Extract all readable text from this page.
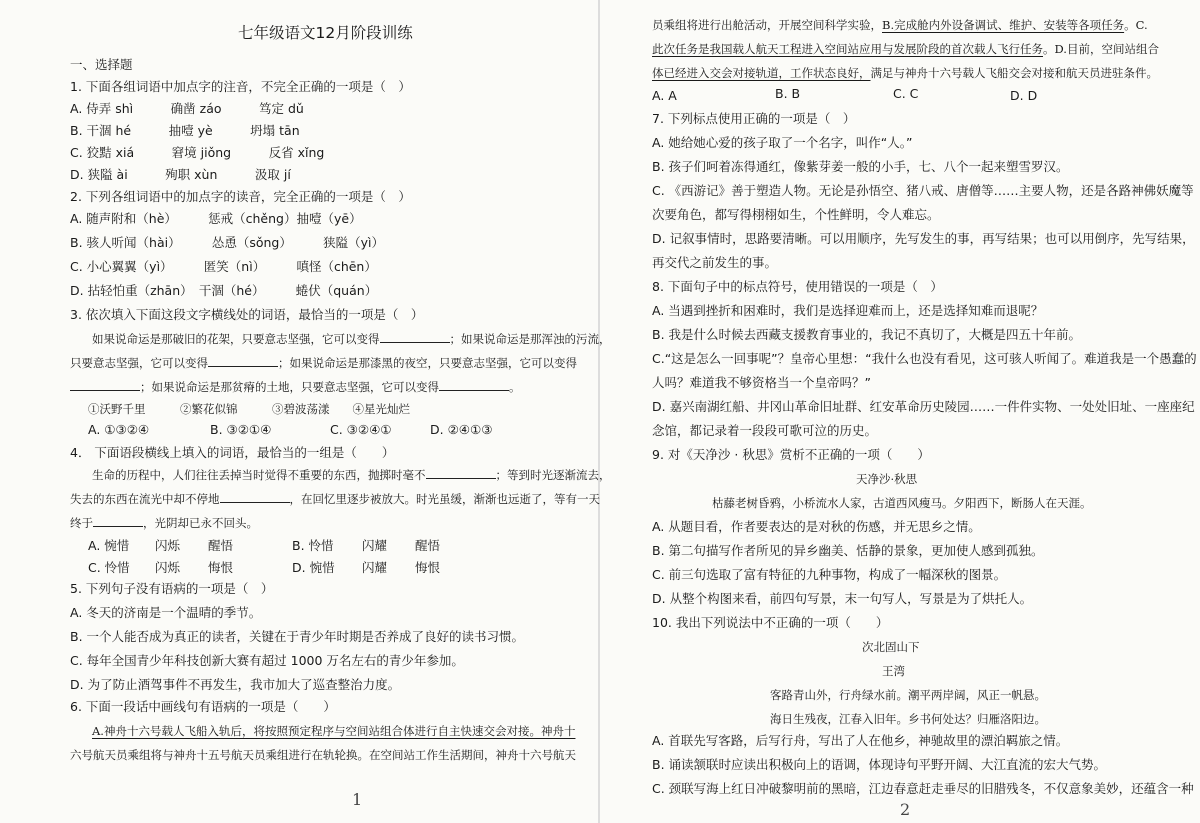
七年级语文12月阶段训练
一、选择题
1. 下面各组词语中加点字的注音，不完全正确的一项是（　）
A. 侍弄 shì　　　确凿 záo　　　笃定 dǔ
B. 干涸 hé　　　抽噎 yè　　　坍塌 tān
C. 狡黠 xiá　　　窘境 jiǒng　　　反省 xǐng
D. 狭隘 ài　　　殉职 xùn　　　汲取 jí
2. 下列各组词语中的加点字的读音，完全正确的一项是（　）
A. 随声附和（hè）　　　惩戒（chěng）抽噎（yē）
B. 骇人听闻（hài）　　　怂恿（sǒng）　　　狭隘（yì）
C. 小心翼翼（yì）　　　匿笑（nì）　　　嗔怪（chēn）
D. 拈轻怕重（zhān）　干涸（hé）　　　蜷伏（quán）
3. 依次填入下面这段文字横线处的词语，最恰当的一项是（　）
如果说命运是那破旧的花架，只要意志坚强，它可以变得	；如果说命运是那浑浊的污流，
只要意志坚强，它可以变得	；如果说命运是那漆黑的夜空，只要意志坚强，它可以变得
；如果说命运是那贫瘠的土地，只要意志坚强，它可以变得	。
①沃野千里　　　	②繁花似锦　　　	③碧波荡漾　　 ④星光灿烂
A. ①③②④	B. ③②①④	C. ③②④①	D. ②④①③
4． 下面语段横线上填入的词语，最恰当的一组是（　　）
生命的历程中，人们往往丢掉当时觉得不重要的东西，抛掷时毫不	；等到时光逐渐流去，
失去的东西在流光中却不停地	，在回忆里逐步被放大。时光虽缓，渐渐也远逝了，等有一天
终于	，光阴却已永不回头。
A. 惋惜 闪烁 醒悟	B. 怜惜 闪耀 醒悟
C. 怜惜 闪烁 悔恨	D. 惋惜 闪耀 悔恨
5. 下列句子没有语病的一项是（　）
A. 冬天的济南是一个温晴的季节。
B. 一个人能否成为真正的读者，关键在于青少年时期是否养成了良好的读书习惯。
C. 每年全国青少年科技创新大赛有超过 1000 万名左右的青少年参加。
D. 为了防止酒驾事件不再发生，我市加大了巡查整治力度。
6. 下面一段话中画线句有语病的一项是（　　）
A.神舟十六号载人飞船入轨后，将按照预定程序与空间站组合体进行自主快速交会对接。神舟十
六号航天员乘组将与神舟十五号航天员乘组进行在轨轮换。在空间站工作生活期间，神舟十六号航天
1
员乘组将进行出舱活动，开展空间科学实验，B.完成舱内外设备调试、维护、安装等各项任务。C.
此次任务是我国载人航天工程进入空间站应用与发展阶段的首次载人飞行任务。D.目前，空间站组合
体已经进入交会对接轨道，工作状态良好，满足与神舟十六号载人飞船交会对接和航天员进驻条件。
A. A	B. B	C. C	D. D
7. 下列标点使用正确的一项是（　）
A. 她给她心爱的孩子取了一个名字，叫作“人。”
B. 孩子们呵着冻得通红，像紫芽姜一般的小手，七、八个一起来塑雪罗汉。
C. 《西游记》善于塑造人物。无论是孙悟空、猪八戒、唐僧等……主要人物，还是各路神佛妖魔等
次要角色，都写得栩栩如生，个性鲜明，令人难忘。
D. 记叙事情时，思路要清晰。可以用顺序，先写发生的事，再写结果；也可以用倒序，先写结果，
再交代之前发生的事。
8. 下面句子中的标点符号，使用错误的一项是（　）
A. 当遇到挫折和困难时，我们是选择迎难而上，还是选择知难而退呢？
B. 我是什么时候去西藏支援教育事业的，我记不真切了，大概是四五十年前。
C.“这是怎么一回事呢”？皇帝心里想：“我什么也没有看见，这可骇人听闻了。难道我是一个愚蠢的
人吗？难道我不够资格当一个皇帝吗？”
D. 嘉兴南湖红船、井冈山革命旧址群、红安革命历史陵园……一件件实物、一处处旧址、一座座纪
念馆，都记录着一段段可歌可泣的历史。
9. 对《天净沙 · 秋思》赏析不正确的一项（　　）
天净沙·秋思
枯藤老树昏鸦，小桥流水人家，古道西风瘦马。夕阳西下，断肠人在天涯。
A. 从题目看，作者要表达的是对秋的伤感，并无思乡之情。
B. 第二句描写作者所见的异乡幽美、恬静的景象，更加使人感到孤独。
C. 前三句选取了富有特征的九种事物，构成了一幅深秋的图景。
D. 从整个构图来看，前四句写景，末一句写人，写景是为了烘托人。
10. 我出下列说法中不正确的一项（　　）
次北固山下
王湾
客路青山外，行舟绿水前。潮平两岸阔，风正一帆悬。
海日生残夜，江春入旧年。乡书何处达？归雁洛阳边。
A. 首联先写客路，后写行舟，写出了人在他乡，神驰故里的漂泊羁旅之情。
B. 诵读颔联时应读出积极向上的语调，体现诗句平野开阔、大江直流的宏大气势。
C. 颈联写海上红日冲破黎明前的黑暗，江边春意赶走垂尽的旧腊残冬，不仅意象美妙，还蕴含一种
2
